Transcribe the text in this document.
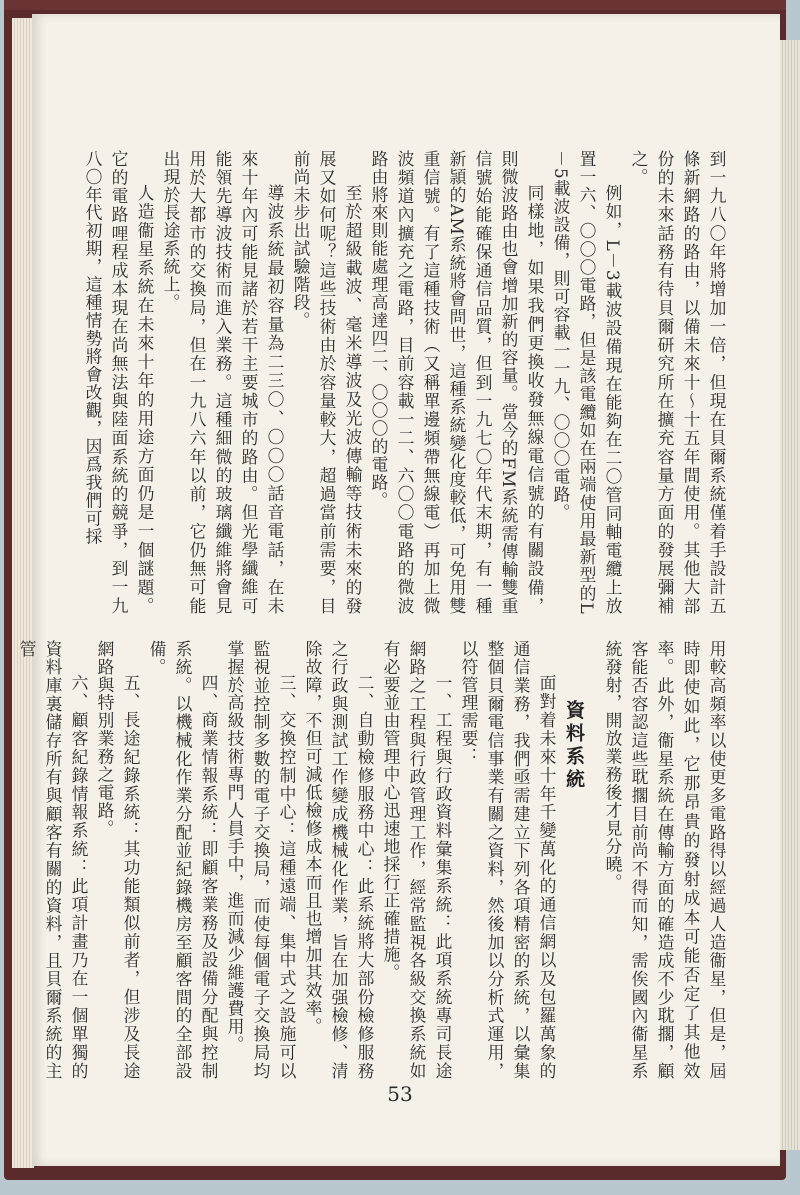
到一九八〇年將增加一倍，但現在貝爾系統僅着手設計五條新網路的路由，以備未來十～十五年間使用。其他大部份的未來話務有待貝爾研究所在擴充容量方面的發展彌補之。

例如，L－3載波設備現在能夠在二〇管同軸電纜上放置一六、〇〇〇電路，但是該電纜如在兩端使用最新型的L－5載波設備，則可容載一一九、〇〇〇電路。

同樣地，如果我們更換收發無線電信號的有關設備，則微波路由也會增加新的容量。當今的FM系統需傳輸雙重信號始能確保通信品質，但到一九七〇年代末期，有一種新頴的AM系統將會問世，這種系統變化度較低，可免用雙重信號。有了這種技術（又稱單邊頻帶無線電）再加上微波頻道內擴充之電路，目前容載一二、六〇〇電路的微波路由將來則能處理高達四二、〇〇〇的電路。

至於超級載波、毫米導波及光波傳輸等技術未來的發展又如何呢？這些技術由於容量較大，超過當前需要，目前尚未步出試驗階段。

導波系統最初容量為二三〇、〇〇〇話音電話，在未來十年內可能見諸於若干主要城市的路由。但光學纖維可能領先導波技術而進入業務。這種細微的玻璃纖維將會見用於大都市的交換局，但在一九八六年以前，它仍無可能出現於長途系統上。

人造衞星系統在未來十年的用途方面仍是一個謎題。它的電路哩程成本現在尚無法與陸面系統的競爭，到一九八〇年代初期，這種情勢將會改觀，因爲我們可採

用較高頻率以使更多電路得以經過人造衞星，但是，屆時即使如此，它那昂貴的發射成本可能否定了其他效率。此外，衞星系統在傳輸方面的確造成不少耽擱，顧客能否容認這些耽擱目前尚不得而知，需俟國內衞星系統發射，開放業務後才見分曉。

資料系統

面對着未來十年千變萬化的通信網以及包羅萬象的通信業務，我們亟需建立下列各項精密的系統，以彙集整個貝爾電信事業有關之資料，然後加以分析式運用，以符管理需要：

一、工程與行政資料彙集系統：此項系統專司長途網路之工程與行政管理工作，經常監視各級交換系統如有必要並由管理中心迅速地採行正確措施。

二、自動檢修服務中心：此系統將大部份檢修服務之行政與測試工作變成機械化作業，旨在加强檢修、清除故障，不但可減低檢修成本而且也增加其效率。

三、交換控制中心：這種遠端、集中式之設施可以監視並控制多數的電子交換局，而使每個電子交換局均掌握於高級技術專門人員手中，進而減少維護費用。

四、商業情報系統：即顧客業務及設備分配與控制系統。以機械化作業分配並紀錄機房至顧客間的全部設備。

五、長途紀錄系統：其功能類似前者，但涉及長途網路與特別業務之電路。

六、顧客紀錄情報系統：此項計畫乃在一個單獨的資料庫裏儲存所有與顧客有關的資料，且貝爾系統的主管

53
